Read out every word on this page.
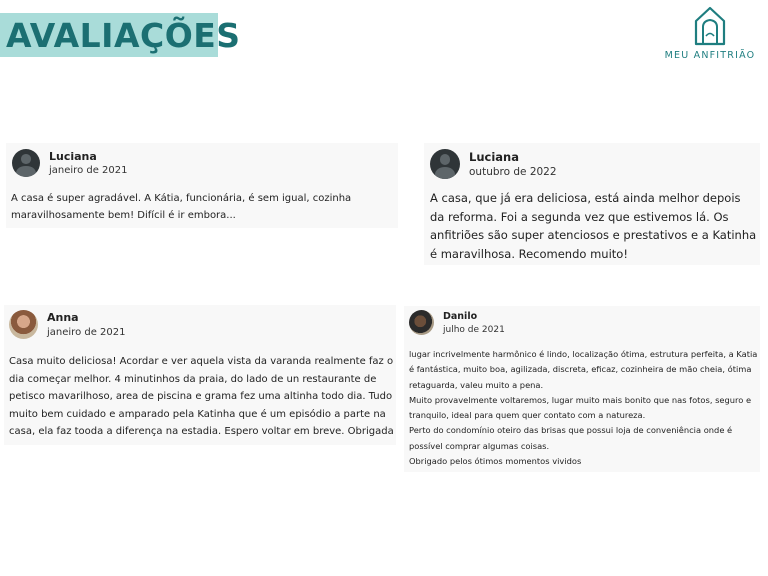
AVALIAÇÕES
MEU ANFITRIÃO
Luciana
janeiro de 2021

A casa é super agradável. A Kátia, funcionária, é sem igual, cozinha maravilhosamente bem! Difícil é ir embora...

Luciana
outubro de 2022

A casa, que já era deliciosa, está ainda melhor depois da reforma. Foi a segunda vez que estivemos lá. Os anfitriões são super atenciosos e prestativos e a Katinha é maravilhosa. Recomendo muito!

Anna
janeiro de 2021

Casa muito deliciosa! Acordar e ver aquela vista da varanda realmente faz o dia começar melhor. 4 minutinhos da praia, do lado de un restaurante de petisco mavarilhoso, area de piscina e grama fez uma altinha todo dia. Tudo muito bem cuidado e amparado pela Katinha que é um episódio a parte na casa, ela faz tooda a diferença na estadia. Espero voltar em breve. Obrigada

Danilo
julho de 2021

lugar incrivelmente harmônico é lindo, localização ótima, estrutura perfeita, a Katia é fantástica, muito boa, agilizada, discreta, eficaz, cozinheira de mão cheia, ótima retaguarda, valeu muito a pena.
Muito provavelmente voltaremos, lugar muito mais bonito que nas fotos, seguro e tranquilo, ideal para quem quer contato com a natureza.
Perto do condomínio oteiro das brisas que possui loja de conveniência onde é possível comprar algumas coisas.
Obrigado pelos ótimos momentos vividos
